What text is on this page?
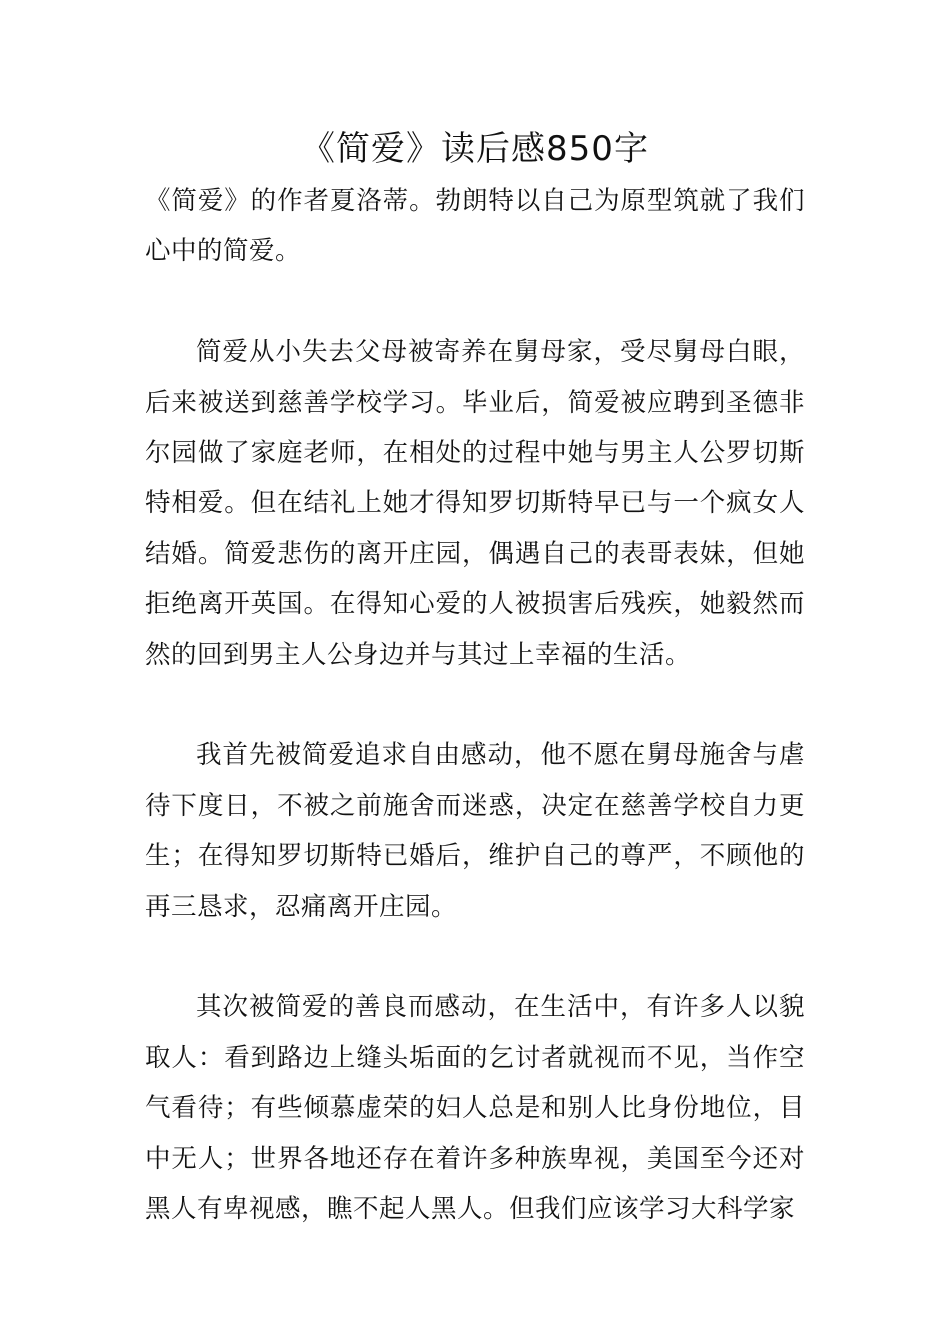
《简爱》读后感850字

《简爱》的作者夏洛蒂。勃朗特以自己为原型筑就了我们心中的简爱。

简爱从小失去父母被寄养在舅母家，受尽舅母白眼，后来被送到慈善学校学习。毕业后，简爱被应聘到圣德非尔园做了家庭老师，在相处的过程中她与男主人公罗切斯特相爱。但在结礼上她才得知罗切斯特早已与一个疯女人结婚。简爱悲伤的离开庄园，偶遇自己的表哥表妹，但她拒绝离开英国。在得知心爱的人被损害后残疾，她毅然而然的回到男主人公身边并与其过上幸福的生活。

我首先被简爱追求自由感动，他不愿在舅母施舍与虐待下度日，不被之前施舍而迷惑，决定在慈善学校自力更生；在得知罗切斯特已婚后，维护自己的尊严，不顾他的再三恳求，忍痛离开庄园。

其次被简爱的善良而感动，在生活中，有许多人以貌取人：看到路边上缝头垢面的乞讨者就视而不见，当作空气看待；有些倾慕虚荣的妇人总是和别人比身份地位，目中无人；世界各地还存在着许多种族卑视，美国至今还对黑人有卑视感，瞧不起人黑人。但我们应该学习大科学家
